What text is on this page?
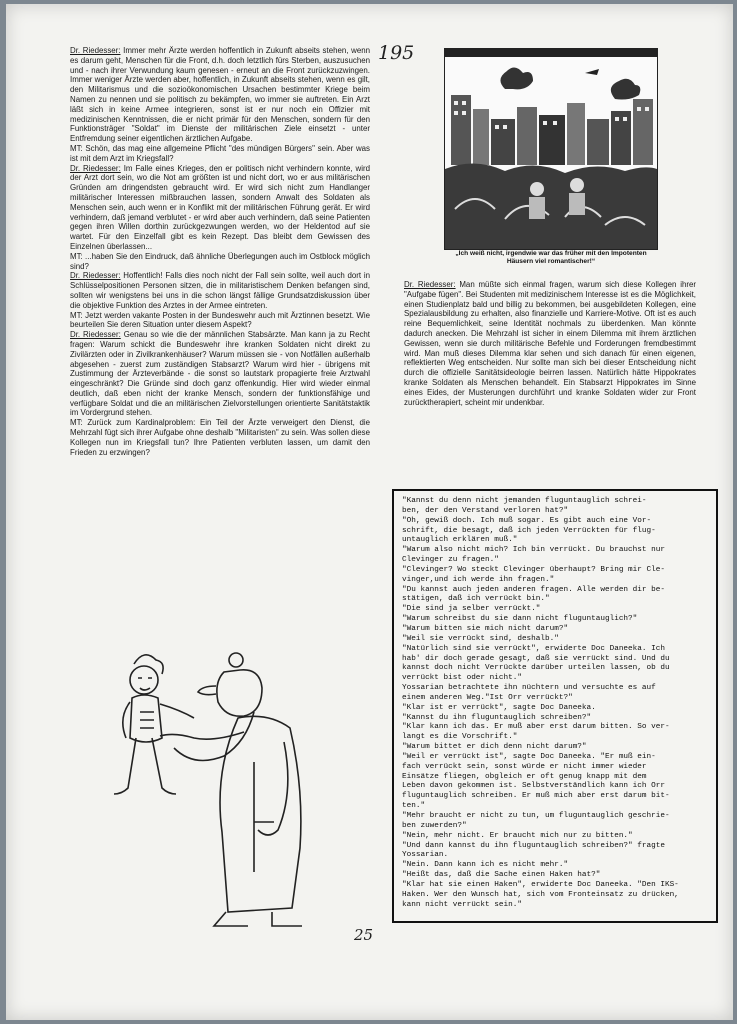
Dr. Riedesser: Immer mehr Ärzte werden hoffentlich in Zukunft abseits stehen, wenn es darum geht, Menschen für die Front, d.h. doch letztlich fürs Sterben, auszusuchen und - nach ihrer Verwundung kaum genesen - erneut an die Front zurückzuzwingen. Immer weniger Ärzte werden aber, hoffentlich, in Zukunft abseits stehen, wenn es gilt, den Militarismus und die sozioökonomischen Ursachen bestimmter Kriege beim Namen zu nennen und sie politisch zu bekämpfen, wo immer sie auftreten. Ein Arzt läßt sich in keine Armee integrieren, sonst ist er nur noch ein Offizier mit medizinischen Kenntnissen, die er nicht primär für den Menschen, sondern für den Funktionsträger "Soldat" im Dienste der militärischen Ziele einsetzt - unter Entfremdung seiner eigentlichen ärztlichen Aufgabe.

MT: Schön, das mag eine allgemeine Pflicht "des mündigen Bürgers" sein. Aber was ist mit dem Arzt im Kriegsfall?

Dr. Riedesser: Im Falle eines Krieges, den er politisch nicht verhindern konnte, wird der Arzt dort sein, wo die Not am größten ist und nicht dort, wo er aus militärischen Gründen am dringendsten gebraucht wird. Er wird sich nicht zum Handlanger militärischer Interessen mißbrauchen lassen, sondern Anwalt des Soldaten als Menschen sein, auch wenn er in Konflikt mit der militärischen Führung gerät. Er wird verhindern, daß jemand verblutet - er wird aber auch verhindern, daß seine Patienten gegen ihren Willen dorthin zurückgezwungen werden, wo der Heldentod auf sie wartet. Für den Einzelfall gibt es kein Rezept. Das bleibt dem Gewissen des Einzelnen überlassen...

MT: ...haben Sie den Eindruck, daß ähnliche Überlegungen auch im Ostblock möglich sind?

Dr. Riedesser: Hoffentlich! Falls dies noch nicht der Fall sein sollte, weil auch dort in Schlüsselpositionen Personen sitzen, die in militaristischem Denken befangen sind, sollten wir wenigstens bei uns in die schon längst fällige Grundsatzdiskussion über die objektive Funktion des Arztes in der Armee eintreten.

MT: Jetzt werden vakante Posten in der Bundeswehr auch mit Ärztinnen besetzt. Wie beurteilen Sie deren Situation unter diesem Aspekt?

Dr. Riedesser: Genau so wie die der männlichen Stabsärzte. Man kann ja zu Recht fragen: Warum schickt die Bundeswehr ihre kranken Soldaten nicht direkt zu Zivilärzten oder in Zivilkrankenhäuser? Warum müssen sie - von Notfällen außerhalb abgesehen - zuerst zum zuständigen Stabsarzt? Warum wird hier - übrigens mit Zustimmung der Ärzteverbände - die sonst so lautstark propagierte freie Arztwahl eingeschränkt? Die Gründe sind doch ganz offenkundig. Hier wird wieder einmal deutlich, daß eben nicht der kranke Mensch, sondern der funktionsfähige und verfügbare Soldat und die an militärischen Zielvorstellungen orientierte Sanitätstaktik im Vordergrund stehen.

MT: Zurück zum Kardinalproblem: Ein Teil der Ärzte verweigert den Dienst, die Mehrzahl fügt sich ihrer Aufgabe ohne deshalb "Militaristen" zu sein. Was sollen diese Kollegen nun im Kriegsfall tun? Ihre Patienten verbluten lassen, um damit den Frieden zu erzwingen?

195
„Ich weiß nicht, irgendwie war das früher mit den Impotenten Häusern viel romantischer!“

Dr. Riedesser: Man müßte sich einmal fragen, warum sich diese Kollegen ihrer "Aufgabe fügen". Bei Studenten mit medizinischem Interesse ist es die Möglichkeit, einen Studienplatz bald und billig zu bekommen, bei ausgebildeten Kollegen, eine Spezialausbildung zu erhalten, also finanzielle und Karriere-Motive. Oft ist es auch reine Bequemlichkeit, seine Identität nochmals zu überdenken. Man könnte dadurch anecken. Die Mehrzahl ist sicher in einem Dilemma mit ihrem ärztlichen Gewissen, wenn sie durch militärische Befehle und Forderungen fremdbestimmt wird. Man muß dieses Dilemma klar sehen und sich danach für einen eigenen, reflektierten Weg entscheiden. Nur sollte man sich bei dieser Entscheidung nicht durch die offizielle Sanitätsideologie beirren lassen. Natürlich hätte Hippokrates kranke Soldaten als Menschen behandelt. Ein Stabsarzt Hippokrates im Sinne eines Eides, der Musterungen durchführt und kranke Soldaten wider zur Front zurücktherapiert, scheint mir undenkbar.

"Kannst du denn nicht jemanden fluguntauglich schrei-
ben, der den Verstand verloren hat?"
"Oh, gewiß doch. Ich muß sogar. Es gibt auch eine Vor-
schrift, die besagt, daß ich jeden Verrückten für flug-
untauglich erklären muß."
"Warum also nicht mich? Ich bin verrückt. Du brauchst nur
Clevinger zu fragen."
"Clevinger? Wo steckt Clevinger überhaupt? Bring mir Cle-
vinger,und ich werde ihn fragen."
"Du kannst auch jeden anderen fragen. Alle werden dir be-
stätigen, daß ich verrückt bin."
"Die sind ja selber verrückt."
"Warum schreibst du sie dann nicht fluguntauglich?"
"Warum bitten sie mich nicht darum?"
"Weil sie verrückt sind, deshalb."
"Natürlich sind sie verrückt", erwiderte Doc Daneeka. Ich
hab' dir doch gerade gesagt, daß sie verrückt sind. Und du
kannst doch nicht Verrückte darüber urteilen lassen, ob du
verrückt bist oder nicht."
Yossarian betrachtete ihn nüchtern und versuchte es auf
einem anderen Weg."Ist Orr verrückt?"
"Klar ist er verrückt", sagte Doc Daneeka.
"Kannst du ihn fluguntauglich schreiben?"
"Klar kann ich das. Er muß aber erst darum bitten. So ver-
langt es die Vorschrift."
"Warum bittet er dich denn nicht darum?"
"Weil er verrückt ist", sagte Doc Daneeka. "Er muß ein-
fach verrückt sein, sonst würde er nicht immer wieder
Einsätze fliegen, obgleich er oft genug knapp mit dem
Leben davon gekommen ist. Selbstverständlich kann ich Orr
fluguntauglich schreiben. Er muß mich aber erst darum bit-
ten."
"Mehr braucht er nicht zu tun, um fluguntauglich geschrie-
ben zuwerden?"
"Nein, mehr nicht. Er braucht mich nur zu bitten."
"Und dann kannst du ihn fluguntauglich schreiben?" fragte
Yossarian.
"Nein. Dann kann ich es nicht mehr."
"Heißt das, daß die Sache einen Haken hat?"
"Klar hat sie einen Haken", erwiderte Doc Daneeka. "Den IKS-
Haken. Wer den Wunsch hat, sich vom Fronteinsatz zu drücken,
kann nicht verrückt sein."
25
